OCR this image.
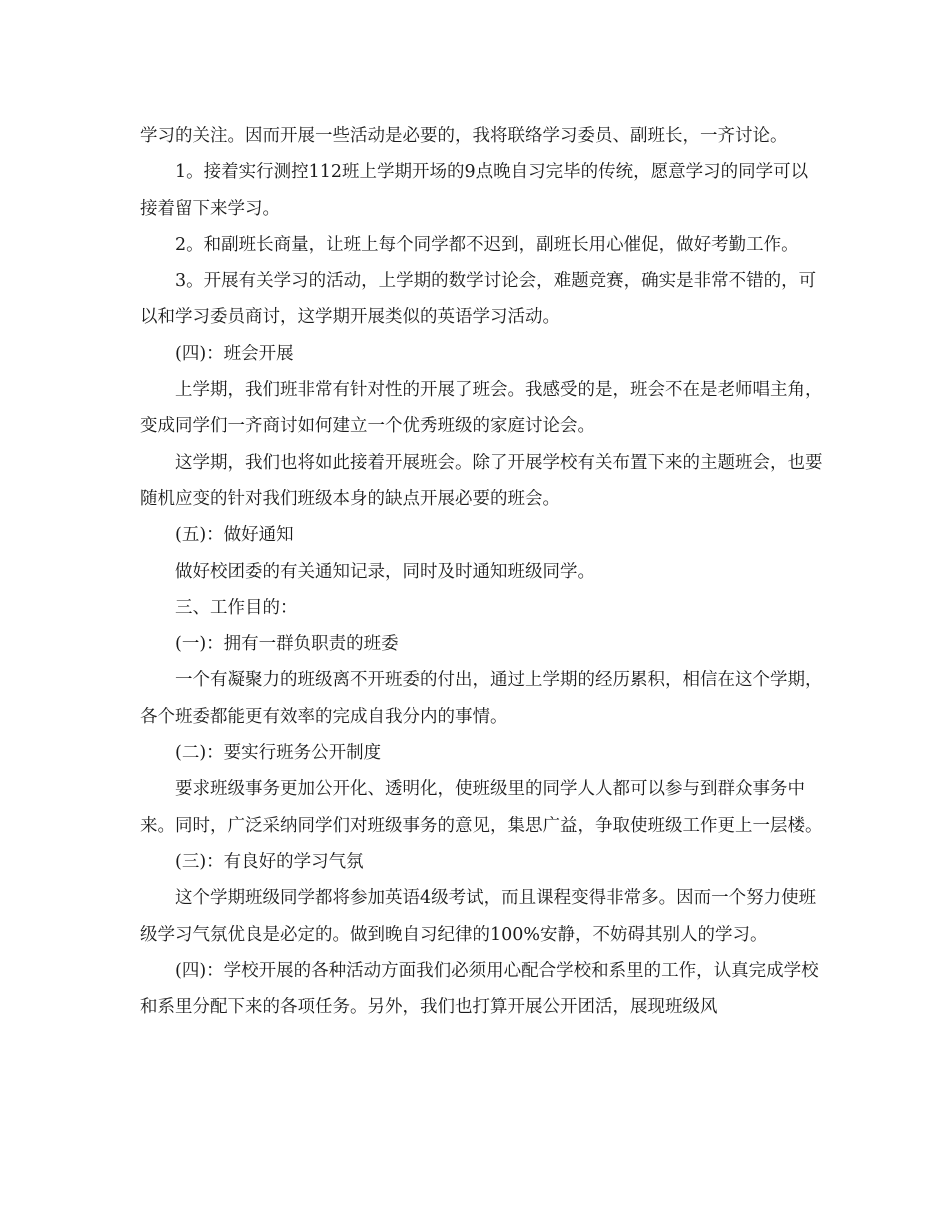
学习的关注。因而开展一些活动是必要的，我将联络学习委员、副班长，一齐讨论。

1。接着实行测控112班上学期开场的9点晚自习完毕的传统，愿意学习的同学可以接着留下来学习。

2。和副班长商量，让班上每个同学都不迟到，副班长用心催促，做好考勤工作。

3。开展有关学习的活动，上学期的数学讨论会，难题竞赛，确实是非常不错的，可以和学习委员商讨，这学期开展类似的英语学习活动。

(四)：班会开展

上学期，我们班非常有针对性的开展了班会。我感受的是，班会不在是老师唱主角，变成同学们一齐商讨如何建立一个优秀班级的家庭讨论会。

这学期，我们也将如此接着开展班会。除了开展学校有关布置下来的主题班会，也要随机应变的针对我们班级本身的缺点开展必要的班会。

(五)：做好通知

做好校团委的有关通知记录，同时及时通知班级同学。

三、工作目的：

(一)：拥有一群负职责的班委

一个有凝聚力的班级离不开班委的付出，通过上学期的经历累积，相信在这个学期，各个班委都能更有效率的完成自我分内的事情。

(二)：要实行班务公开制度

要求班级事务更加公开化、透明化，使班级里的同学人人都可以参与到群众事务中来。同时，广泛采纳同学们对班级事务的意见，集思广益，争取使班级工作更上一层楼。

(三)：有良好的学习气氛

这个学期班级同学都将参加英语4级考试，而且课程变得非常多。因而一个努力使班级学习气氛优良是必定的。做到晚自习纪律的100%安静，不妨碍其别人的学习。

(四)：学校开展的各种活动方面我们必须用心配合学校和系里的工作，认真完成学校和系里分配下来的各项任务。另外，我们也打算开展公开团活，展现班级风
